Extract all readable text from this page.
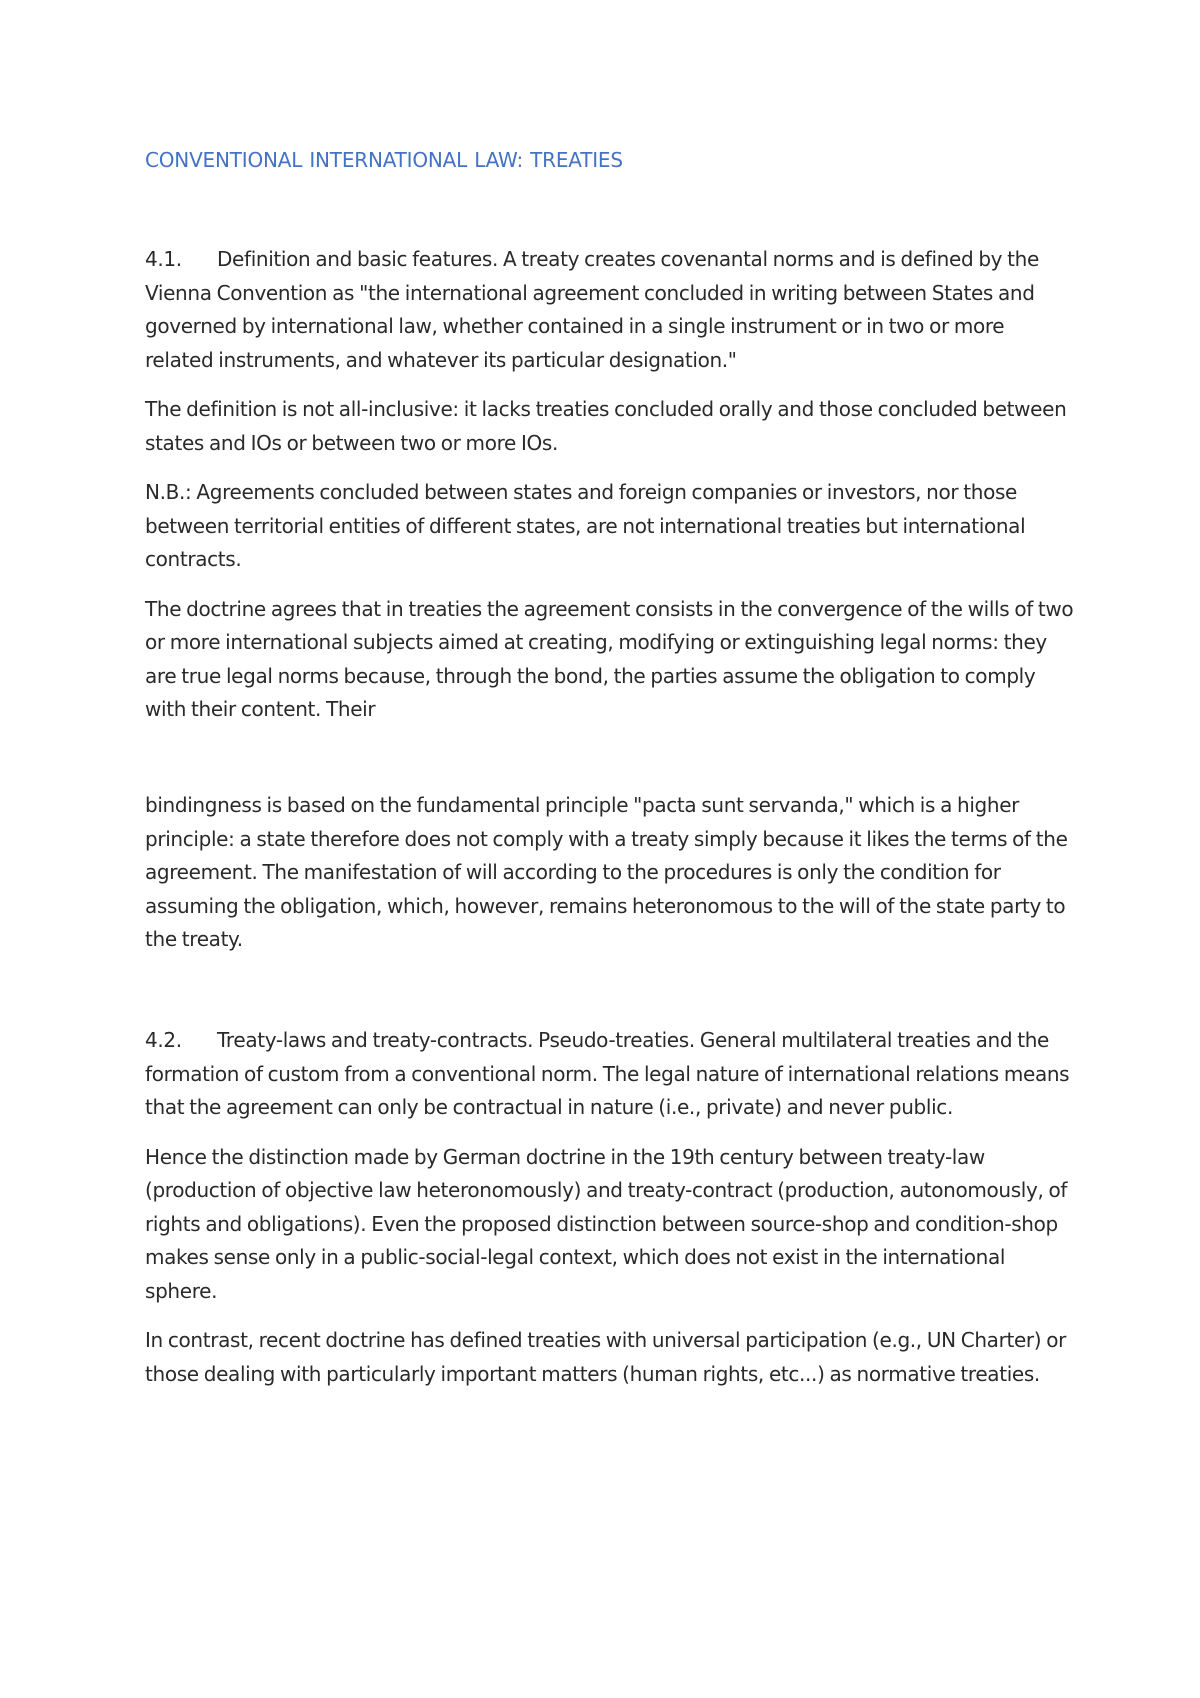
CONVENTIONAL INTERNATIONAL LAW: TREATIES

4.1. Definition and basic features. A treaty creates covenantal norms and is defined by the Vienna Convention as "the international agreement concluded in writing between States and governed by international law, whether contained in a single instrument or in two or more related instruments, and whatever its particular designation."

The definition is not all-inclusive: it lacks treaties concluded orally and those concluded between states and IOs or between two or more IOs.

N.B.: Agreements concluded between states and foreign companies or investors, nor those between territorial entities of different states, are not international treaties but international contracts.

The doctrine agrees that in treaties the agreement consists in the convergence of the wills of two or more international subjects aimed at creating, modifying or extinguishing legal norms: they are true legal norms because, through the bond, the parties assume the obligation to comply with their content. Their

bindingness is based on the fundamental principle "pacta sunt servanda," which is a higher principle: a state therefore does not comply with a treaty simply because it likes the terms of the agreement. The manifestation of will according to the procedures is only the condition for assuming the obligation, which, however, remains heteronomous to the will of the state party to the treaty.

4.2. Treaty-laws and treaty-contracts. Pseudo-treaties. General multilateral treaties and the formation of custom from a conventional norm. The legal nature of international relations means that the agreement can only be contractual in nature (i.e., private) and never public.

Hence the distinction made by German doctrine in the 19th century between treaty-law (production of objective law heteronomously) and treaty-contract (production, autonomously, of rights and obligations). Even the proposed distinction between source-shop and condition-shop makes sense only in a public-social-legal context, which does not exist in the international sphere.

In contrast, recent doctrine has defined treaties with universal participation (e.g., UN Charter) or those dealing with particularly important matters (human rights, etc...) as normative treaties.
